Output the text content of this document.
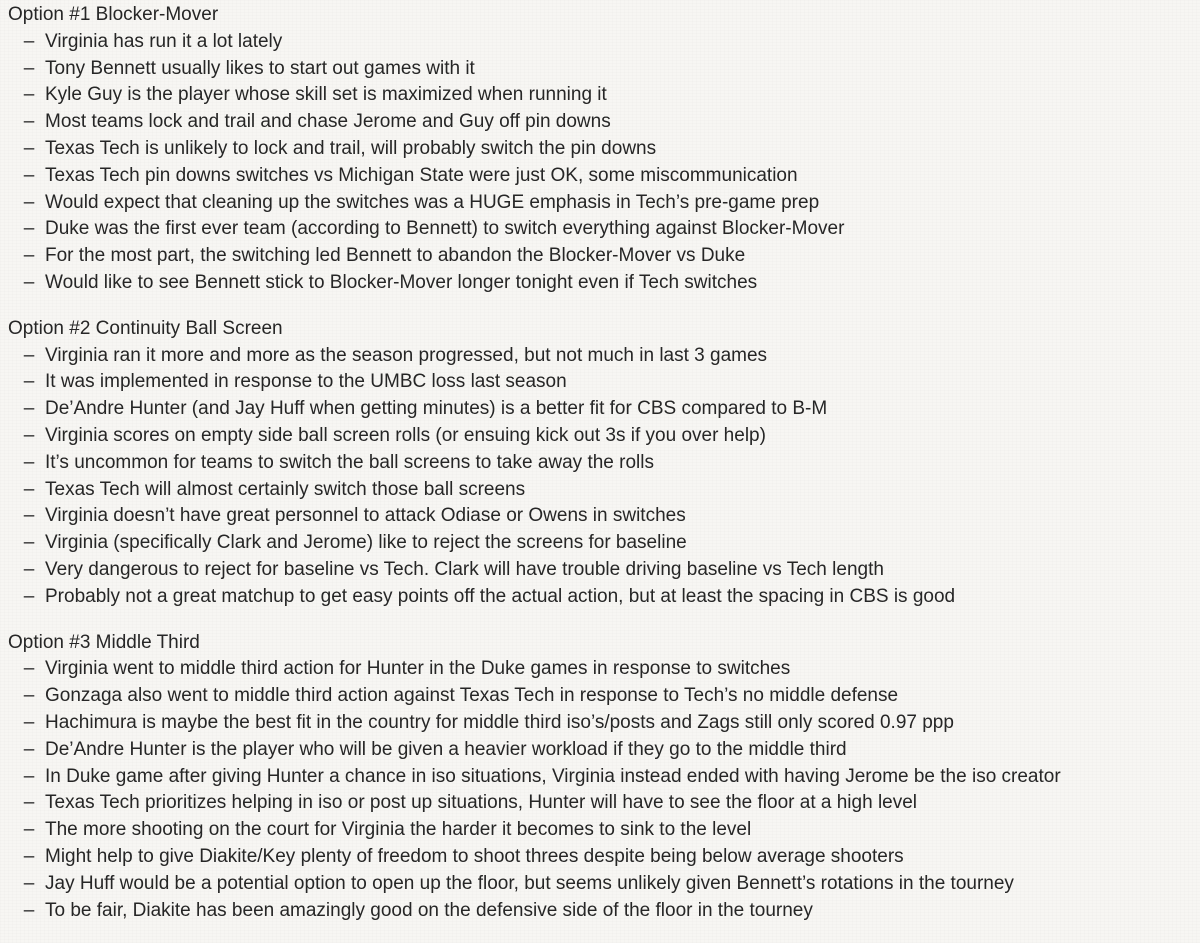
Option #1 Blocker-Mover
– Virginia has run it a lot lately
– Tony Bennett usually likes to start out games with it
– Kyle Guy is the player whose skill set is maximized when running it
– Most teams lock and trail and chase Jerome and Guy off pin downs
– Texas Tech is unlikely to lock and trail, will probably switch the pin downs
– Texas Tech pin downs switches vs Michigan State were just OK, some miscommunication
– Would expect that cleaning up the switches was a HUGE emphasis in Tech’s pre-game prep
– Duke was the first ever team (according to Bennett) to switch everything against Blocker-Mover
– For the most part, the switching led Bennett to abandon the Blocker-Mover vs Duke
– Would like to see Bennett stick to Blocker-Mover longer tonight even if Tech switches
Option #2 Continuity Ball Screen
– Virginia ran it more and more as the season progressed, but not much in last 3 games
– It was implemented in response to the UMBC loss last season
– De’Andre Hunter (and Jay Huff when getting minutes) is a better fit for CBS compared to B-M
– Virginia scores on empty side ball screen rolls (or ensuing kick out 3s if you over help)
– It’s uncommon for teams to switch the ball screens to take away the rolls
– Texas Tech will almost certainly switch those ball screens
– Virginia doesn’t have great personnel to attack Odiase or Owens in switches
– Virginia (specifically Clark and Jerome) like to reject the screens for baseline
– Very dangerous to reject for baseline vs Tech. Clark will have trouble driving baseline vs Tech length
– Probably not a great matchup to get easy points off the actual action, but at least the spacing in CBS is good
Option #3 Middle Third
– Virginia went to middle third action for Hunter in the Duke games in response to switches
– Gonzaga also went to middle third action against Texas Tech in response to Tech’s no middle defense
– Hachimura is maybe the best fit in the country for middle third iso’s/posts and Zags still only scored 0.97 ppp
– De’Andre Hunter is the player who will be given a heavier workload if they go to the middle third
– In Duke game after giving Hunter a chance in iso situations, Virginia instead ended with having Jerome be the iso creator
– Texas Tech prioritizes helping in iso or post up situations, Hunter will have to see the floor at a high level
– The more shooting on the court for Virginia the harder it becomes to sink to the level
– Might help to give Diakite/Key plenty of freedom to shoot threes despite being below average shooters
– Jay Huff would be a potential option to open up the floor, but seems unlikely given Bennett’s rotations in the tourney
– To be fair, Diakite has been amazingly good on the defensive side of the floor in the tourney
